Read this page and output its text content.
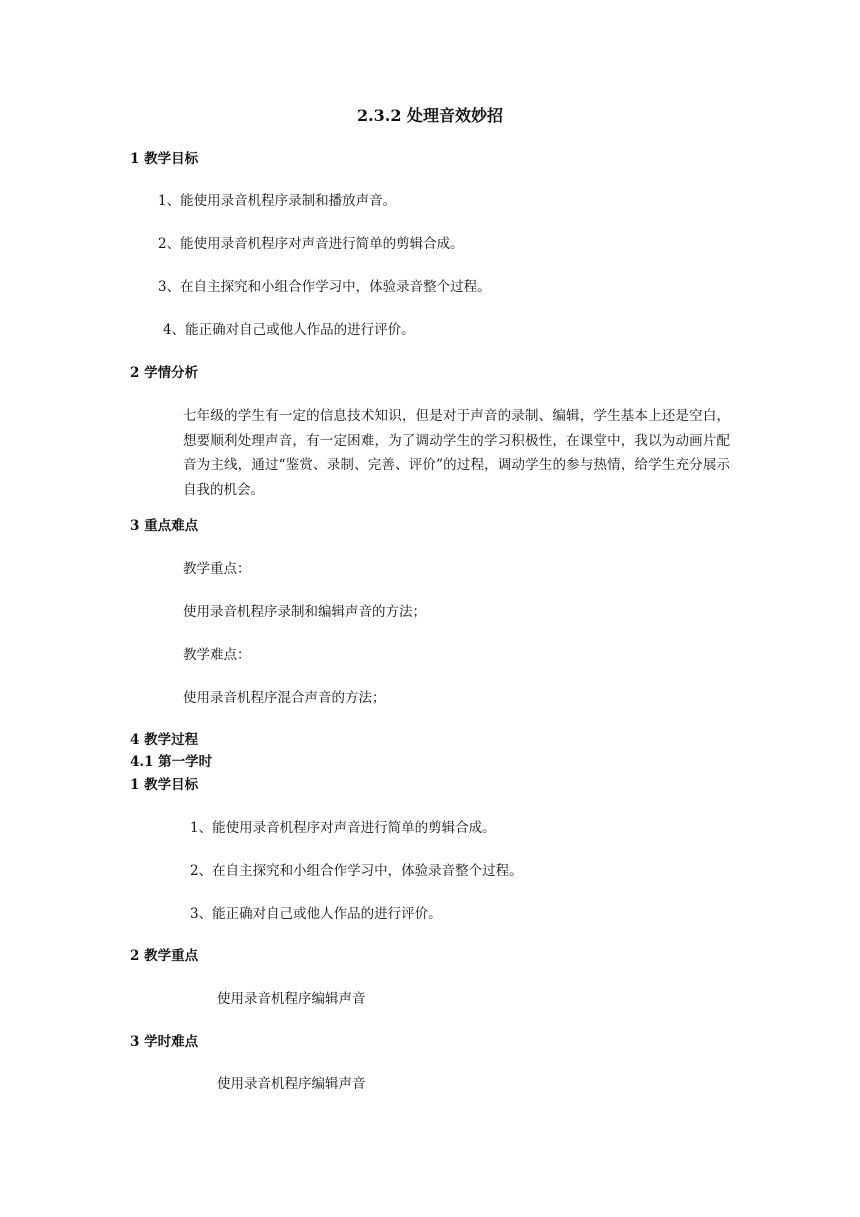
2.3.2 处理音效妙招
1 教学目标
1、能使用录音机程序录制和播放声音。
2、能使用录音机程序对声音进行简单的剪辑合成。
3、在自主探究和小组合作学习中，体验录音整个过程。
4、能正确对自己或他人作品的进行评价。
2 学情分析
七年级的学生有一定的信息技术知识，但是对于声音的录制、编辑，学生基本上还是空白，想要顺利处理声音，有一定困难，为了调动学生的学习积极性，在课堂中，我以为动画片配音为主线，通过“鉴赏、录制、完善、评价”的过程，调动学生的参与热情，给学生充分展示自我的机会。
3 重点难点
教学重点：
使用录音机程序录制和编辑声音的方法；
教学难点：
使用录音机程序混合声音的方法；
4 教学过程
4.1 第一学时
1 教学目标
1、能使用录音机程序对声音进行简单的剪辑合成。
2、在自主探究和小组合作学习中，体验录音整个过程。
3、能正确对自己或他人作品的进行评价。
2 教学重点
使用录音机程序编辑声音
3 学时难点
使用录音机程序编辑声音
